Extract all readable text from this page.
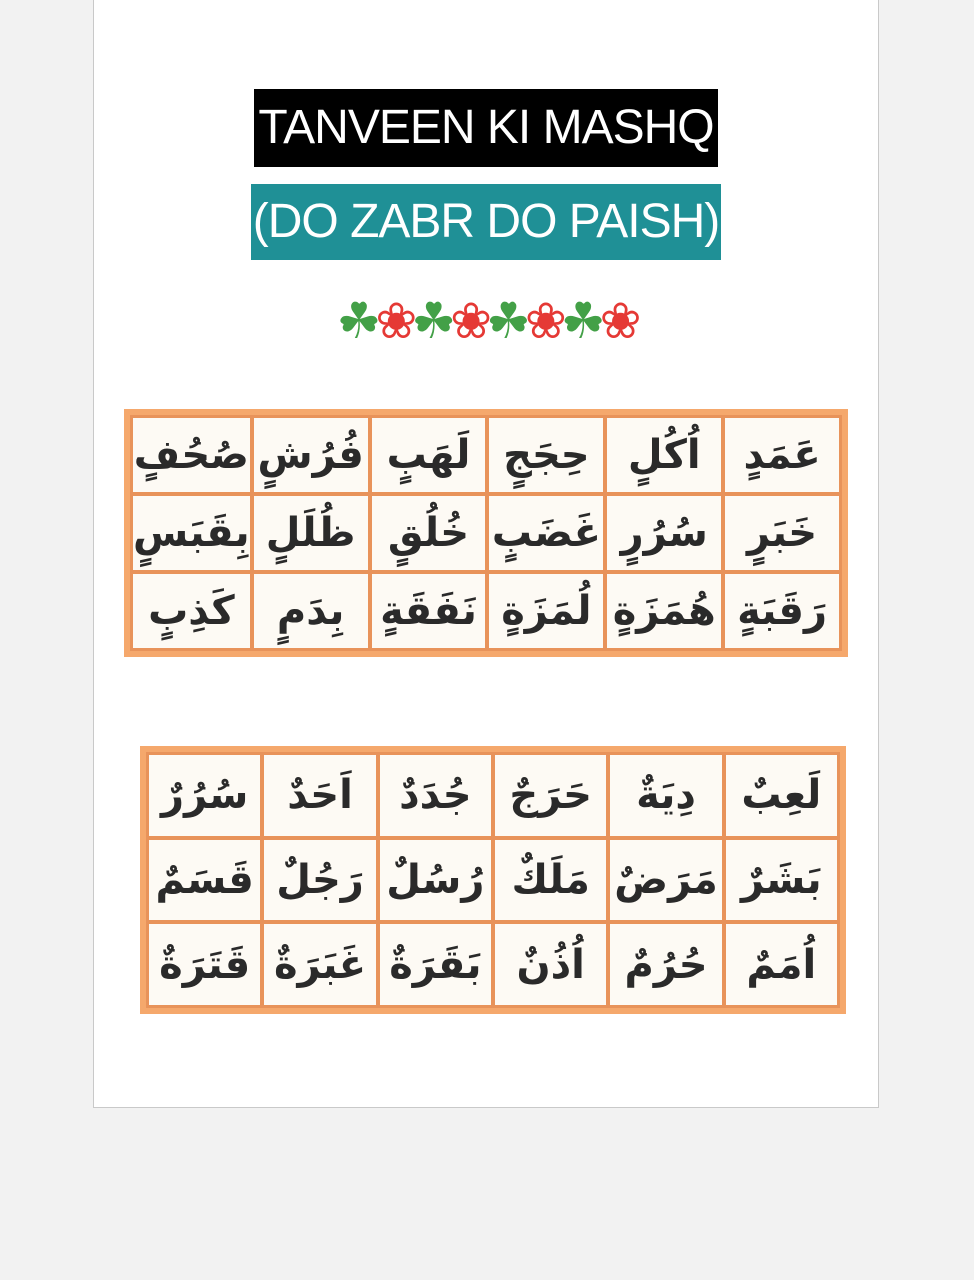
TANVEEN KI MASHQ
(DO ZABR DO PAISH)
☘❀☘❀☘❀☘❀
عَمَدٍ
اُكُلٍ
حِجَجٍ
لَهَبٍ
فُرُشٍ
صُحُفٍ
خَبَرٍ
سُرُرٍ
غَضَبٍ
خُلُقٍ
ظُلَلٍ
بِقَبَسٍ
رَقَبَةٍ
هُمَزَةٍ
لُمَزَةٍ
نَفَقَةٍ
بِدَمٍ
كَذِبٍ
لَعِبٌ
دِيَةٌ
حَرَجٌ
جُدَدٌ
اَحَدٌ
سُرُرٌ
بَشَرٌ
مَرَضٌ
مَلَكٌ
رُسُلٌ
رَجُلٌ
قَسَمٌ
اُمَمٌ
حُرُمٌ
اُذُنٌ
بَقَرَةٌ
غَبَرَةٌ
قَتَرَةٌ
